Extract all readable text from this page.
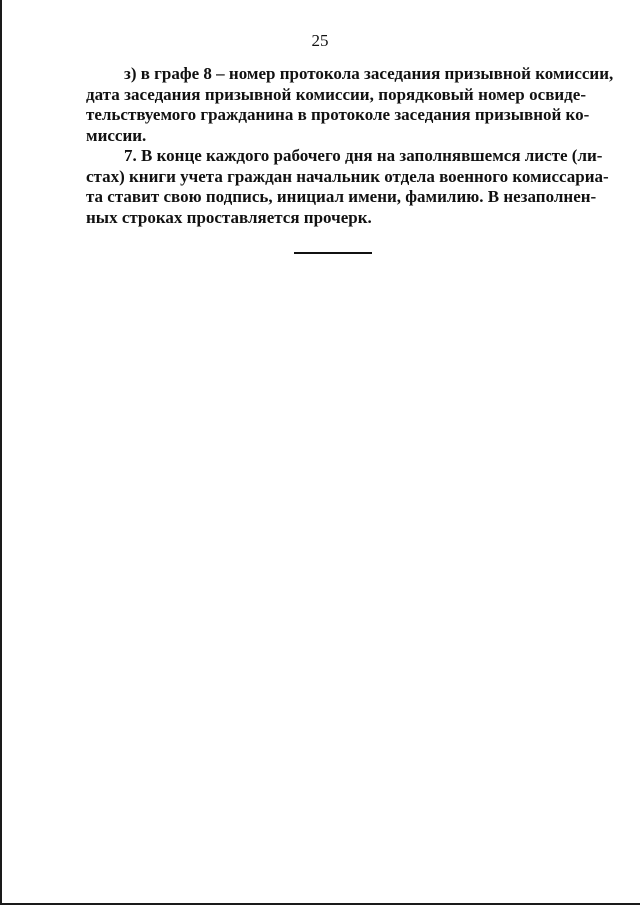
25
з) в графе 8 – номер протокола заседания призывной комиссии,
дата заседания призывной комиссии, порядковый номер освиде-
тельствуемого гражданина в протоколе заседания призывной ко-
миссии.
7. В конце каждого рабочего дня на заполнявшемся листе (ли-
стах) книги учета граждан начальник отдела военного комиссариа-
та ставит свою подпись, инициал имени, фамилию. В незаполнен-
ных строках проставляется прочерк.
